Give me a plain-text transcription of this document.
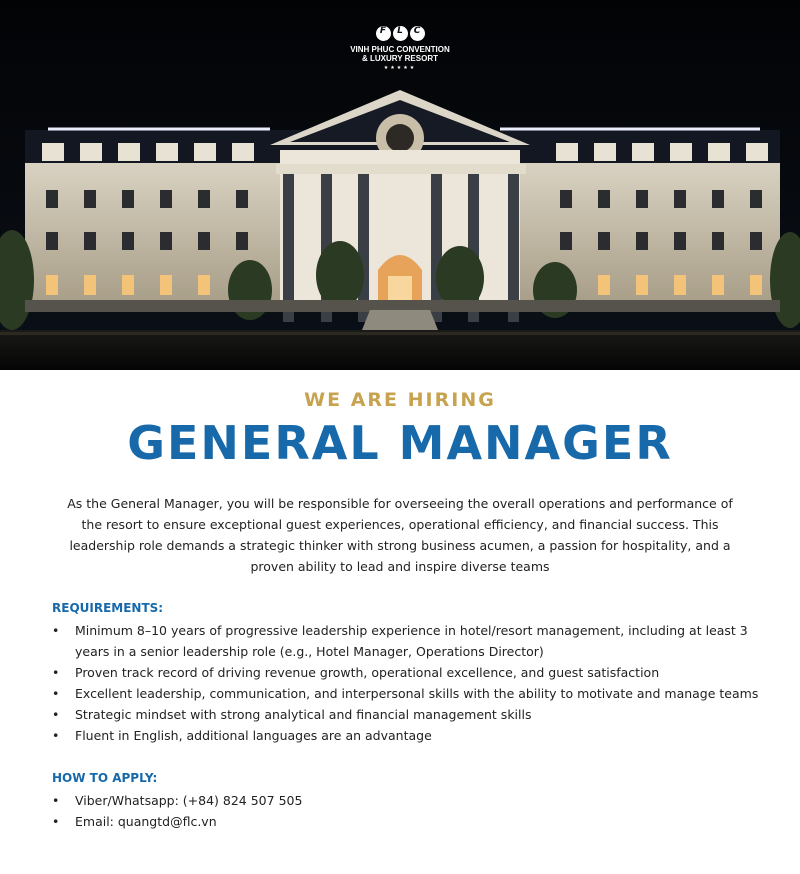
F	L	C
VINH PHUC CONVENTION
& LUXURY RESORT
★★★★★
WE ARE HIRING
GENERAL MANAGER
As the General Manager, you will be responsible for overseeing the overall operations and performance of the resort to ensure exceptional guest experiences, operational efficiency, and financial success. This leadership role demands a strategic thinker with strong business acumen, a passion for hospitality, and a proven ability to lead and inspire diverse teams
REQUIREMENTS:
• Minimum 8–10 years of progressive leadership experience in hotel/resort management, including at least 3 years in a senior leadership role (e.g., Hotel Manager, Operations Director)
• Proven track record of driving revenue growth, operational excellence, and guest satisfaction
• Excellent leadership, communication, and interpersonal skills with the ability to motivate and manage teams
• Strategic mindset with strong analytical and financial management skills
• Fluent in English, additional languages are an advantage
HOW TO APPLY:
• Viber/Whatsapp: (+84) 824 507 505
• Email: quangtd@flc.vn
